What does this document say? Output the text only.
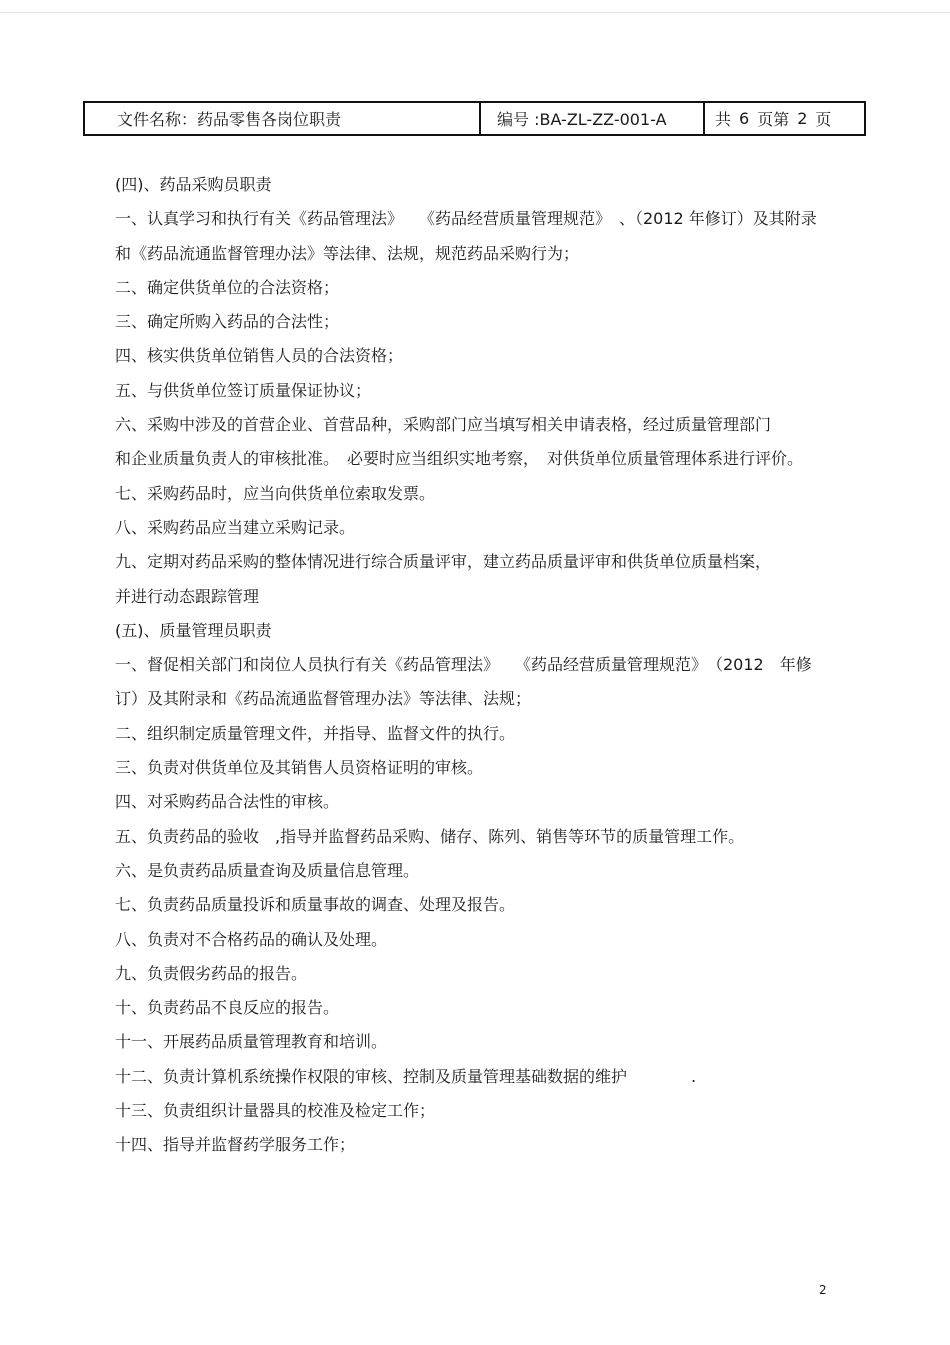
文件名称：药品零售各岗位职责	编号 :BA-ZL-ZZ-001-A	共 6 页第 2 页
(四)、药品采购员职责
一、认真学习和执行有关《药品管理法》　　《药品经营质量管理规范》　、（2012 年修订）及其附录
和《药品流通监督管理办法》等法律、法规，规范药品采购行为；
二、确定供货单位的合法资格；
三、确定所购入药品的合法性；
四、核实供货单位销售人员的合法资格；
五、与供货单位签订质量保证协议；
六、采购中涉及的首营企业、首营品种，采购部门应当填写相关申请表格，经过质量管理部门
和企业质量负责人的审核批准。　必要时应当组织实地考察，　对供货单位质量管理体系进行评价。
七、采购药品时，应当向供货单位索取发票。
八、采购药品应当建立采购记录。
九、定期对药品采购的整体情况进行综合质量评审，建立药品质量评审和供货单位质量档案，
并进行动态跟踪管理
(五)、质量管理员职责
一、督促相关部门和岗位人员执行有关《药品管理法》　　《药品经营质量管理规范》　（2012　年修
订）及其附录和《药品流通监督管理办法》等法律、法规；
二、组织制定质量管理文件，并指导、监督文件的执行。
三、负责对供货单位及其销售人员资格证明的审核。
四、对采购药品合法性的审核。
五、负责药品的验收　,指导并监督药品采购、储存、陈列、销售等环节的质量管理工作。
六、是负责药品质量查询及质量信息管理。
七、负责药品质量投诉和质量事故的调查、处理及报告。
八、负责对不合格药品的确认及处理。
九、负责假劣药品的报告。
十、负责药品不良反应的报告。
十一、开展药品质量管理教育和培训。
十二、负责计算机系统操作权限的审核、控制及质量管理基础数据的维护　　　　.
十三、负责组织计量器具的校准及检定工作；
十四、指导并监督药学服务工作；
2
